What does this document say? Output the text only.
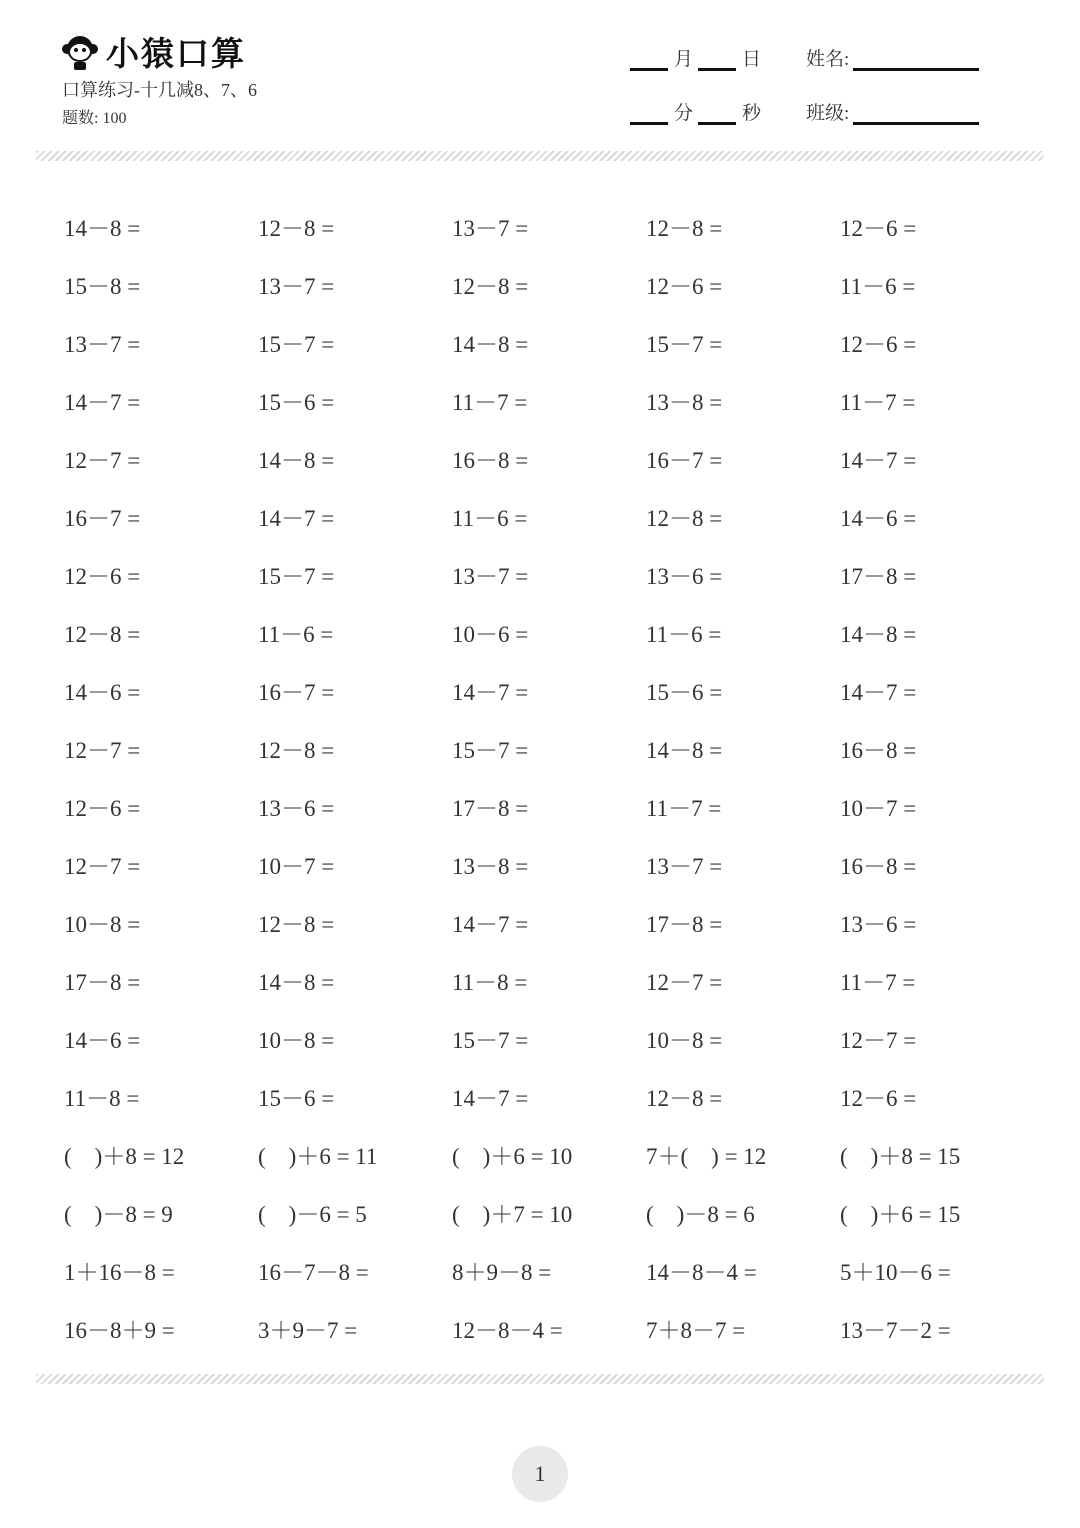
小猿口算
口算练习-十几减8、7、6
题数: 100
月	日 姓名:
分	秒 班级:
14－8 =	12－8 =	13－7 =	12－8 =	12－6 =
15－8 =	13－7 =	12－8 =	12－6 =	11－6 =
13－7 =	15－7 =	14－8 =	15－7 =	12－6 =
14－7 =	15－6 =	11－7 =	13－8 =	11－7 =
12－7 =	14－8 =	16－8 =	16－7 =	14－7 =
16－7 =	14－7 =	11－6 =	12－8 =	14－6 =
12－6 =	15－7 =	13－7 =	13－6 =	17－8 =
12－8 =	11－6 =	10－6 =	11－6 =	14－8 =
14－6 =	16－7 =	14－7 =	15－6 =	14－7 =
12－7 =	12－8 =	15－7 =	14－8 =	16－8 =
12－6 =	13－6 =	17－8 =	11－7 =	10－7 =
12－7 =	10－7 =	13－8 =	13－7 =	16－8 =
10－8 =	12－8 =	14－7 =	17－8 =	13－6 =
17－8 =	14－8 =	11－8 =	12－7 =	11－7 =
14－6 =	10－8 =	15－7 =	10－8 =	12－7 =
11－8 =	15－6 =	14－7 =	12－8 =	12－6 =
(    )＋8 = 12	(    )＋6 = 11	(    )＋6 = 10	7＋(    ) = 12	(    )＋8 = 15
(    )－8 = 9	(    )－6 = 5	(    )＋7 = 10	(    )－8 = 6	(    )＋6 = 15
1＋16－8 =	16－7－8 =	8＋9－8 =	14－8－4 =	5＋10－6 =
16－8＋9 =	3＋9－7 =	12－8－4 =	7＋8－7 =	13－7－2 =
1
